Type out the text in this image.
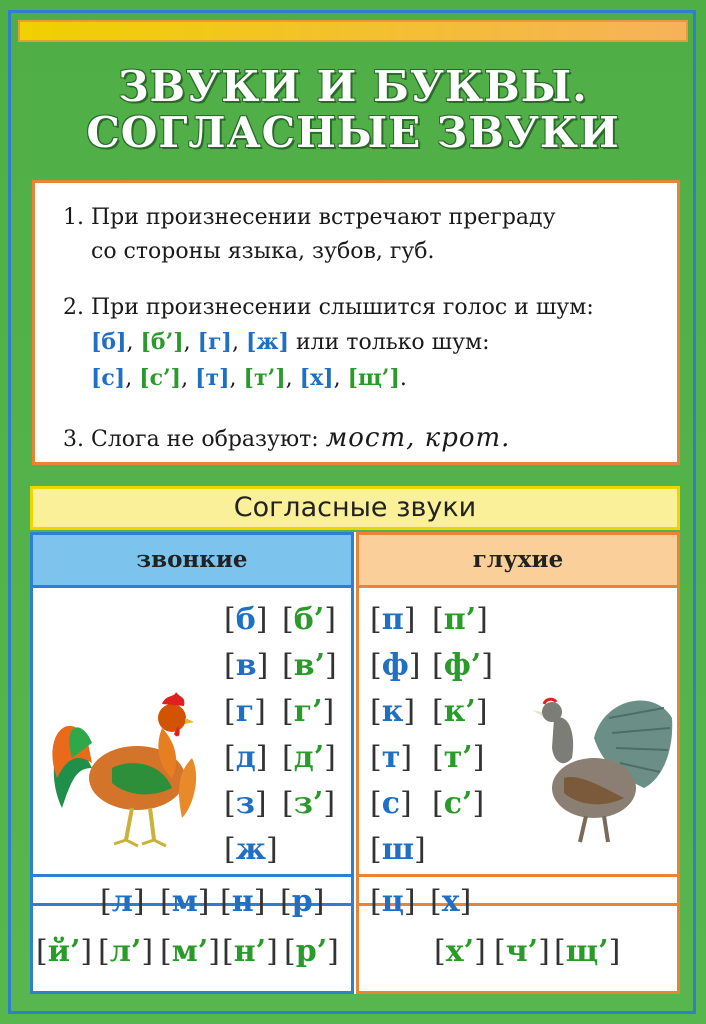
ЗВУКИ И БУКВЫ.
СОГЛАСНЫЕ ЗВУКИ
1. При произнесении встречают преграду
со стороны языка, зубов, губ.
2. При произнесении слышится голос и шум:
[б], [б’], [г], [ж] или только шум:
[с], [с’], [т], [т’], [х], [щ’].
3. Слога не образуют: мост, крот.
Согласные звуки
звонкие	глухие
[б] [б’]
[в] [в’]
[г] [г’]
[д] [д’]
[з] [з’]
[ж]
[п] [п’]
[ф] [ф’]
[к] [к’]
[т] [т’]
[с] [с’]
[ш]
[л] [м] [н] [р]
[й’] [л’] [м’] [н’] [р’]
[ц] [х]
[х’] [ч’] [щ’]
